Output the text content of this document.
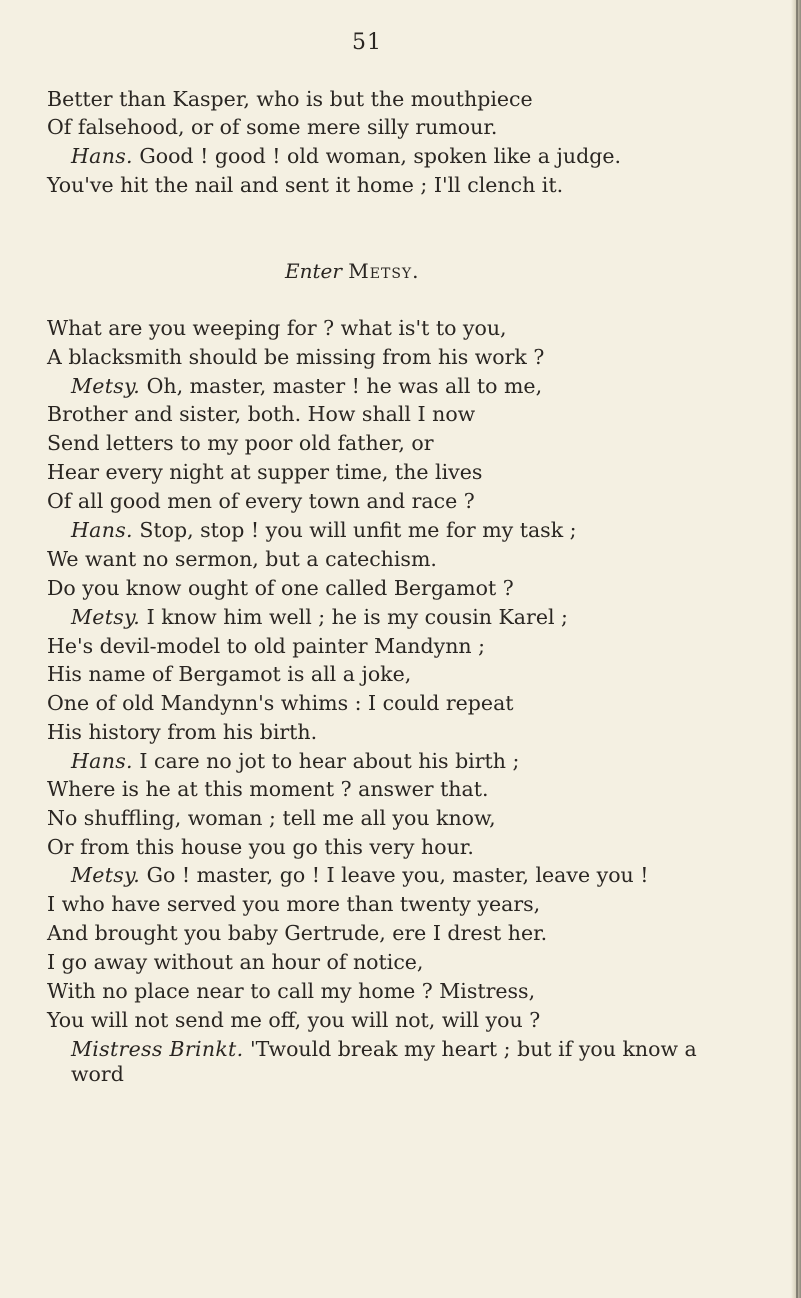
51
Better than Kasper, who is but the mouthpiece
Of falsehood, or of some mere silly rumour.
Hans. Good ! good ! old woman, spoken like a judge.
You've hit the nail and sent it home ; I'll clench it.
Enter Metsy.
What are you weeping for ? what is't to you,
A blacksmith should be missing from his work ?
Metsy. Oh, master, master ! he was all to me,
Brother and sister, both. How shall I now
Send letters to my poor old father, or
Hear every night at supper time, the lives
Of all good men of every town and race ?
Hans. Stop, stop ! you will unfit me for my task ;
We want no sermon, but a catechism.
Do you know ought of one called Bergamot ?
Metsy. I know him well ; he is my cousin Karel ;
He's devil-model to old painter Mandynn ;
His name of Bergamot is all a joke,
One of old Mandynn's whims : I could repeat
His history from his birth.
Hans. I care no jot to hear about his birth ;
Where is he at this moment ? answer that.
No shuffling, woman ; tell me all you know,
Or from this house you go this very hour.
Metsy. Go ! master, go ! I leave you, master, leave you !
I who have served you more than twenty years,
And brought you baby Gertrude, ere I drest her.
I go away without an hour of notice,
With no place near to call my home ? Mistress,
You will not send me off, you will not, will you ?
Mistress Brinkt. 'Twould break my heart ; but if you know a
word
